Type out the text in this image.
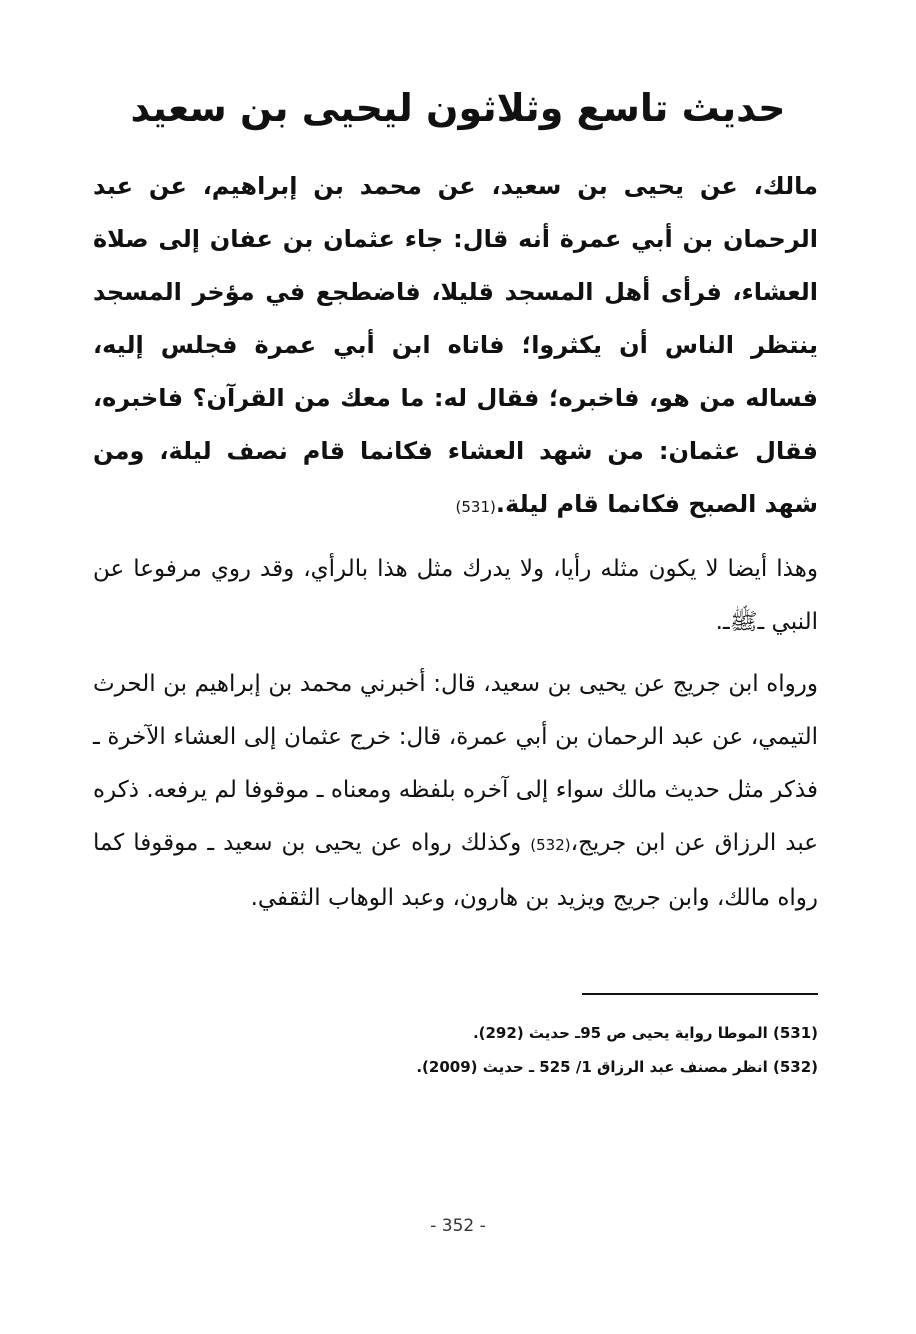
حديث تاسع وثلاثون ليحيى بن سعيد

مالك، عن يحيى بن سعيد، عن محمد بن إبراهيم، عن عبد الرحمان بن أبي عمرة أنه قال: جاء عثمان بن عفان إلى صلاة العشاء، فرأى أهل المسجد قليلا، فاضطجع في مؤخر المسجد ينتظر الناس أن يكثروا؛ فاتاه ابن أبي عمرة فجلس إليه، فساله من هو، فاخبره؛ فقال له: ما معك من القرآن؟ فاخبره، فقال عثمان: من شهد العشاء فكانما قام نصف ليلة، ومن شهد الصبح فكانما قام ليلة.(531)

وهذا أيضا لا يكون مثله رأيا، ولا يدرك مثل هذا بالرأي، وقد روي مرفوعا عن النبي ـﷺـ.

ورواه ابن جريج عن يحيى بن سعيد، قال: أخبرني محمد بن إبراهيم بن الحرث التيمي، عن عبد الرحمان بن أبي عمرة، قال: خرج عثمان إلى العشاء الآخرة ـ فذكر مثل حديث مالك سواء إلى آخره بلفظه ومعناه ـ موقوفا لم يرفعه. ذكره عبد الرزاق عن ابن جريج،(532) وكذلك رواه عن يحيى بن سعيد ـ موقوفا كما رواه مالك، وابن جريج ويزيد بن هارون، وعبد الوهاب الثقفي.

(531) الموطا رواية يحيى ص 95ـ حديث (292).

(532) انظر مصنف عبد الرزاق 1/ 525 ـ حديث (2009).

- 352 -
